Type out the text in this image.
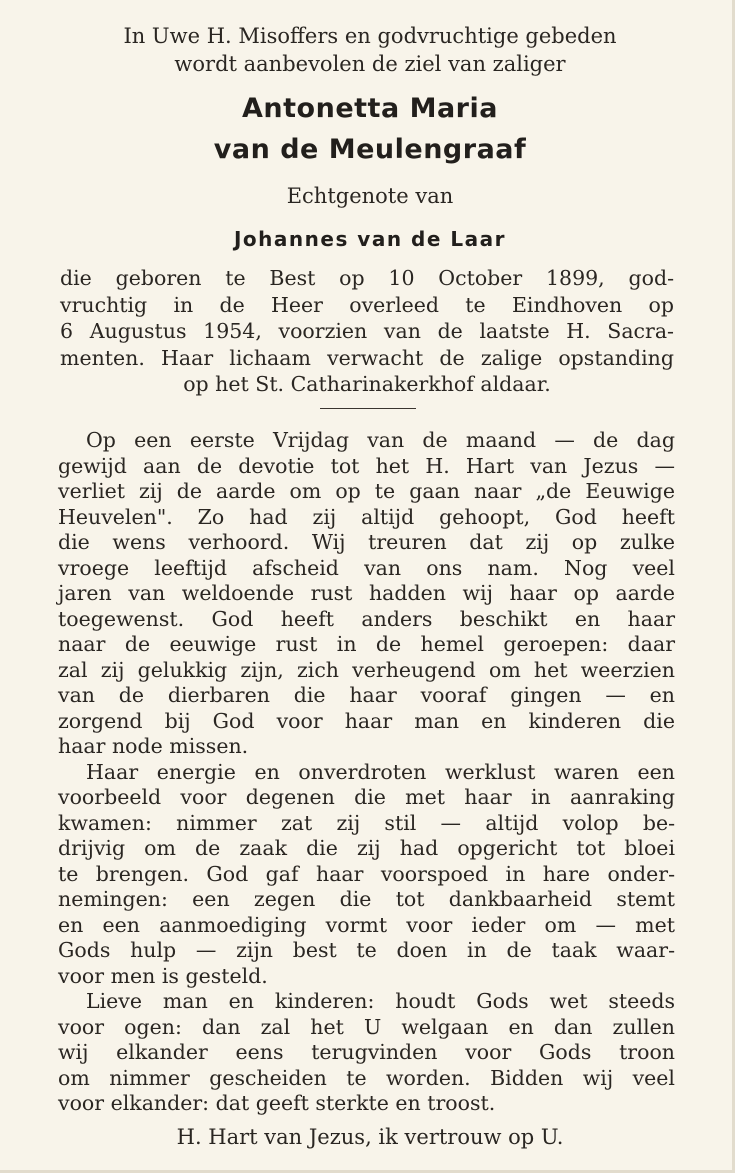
In Uwe H. Misoffers en godvruchtige gebeden
wordt aanbevolen de ziel van zaliger
Antonetta Maria
van de Meulengraaf
Echtgenote van
Johannes van de Laar
die geboren te Best op 10 October 1899, god-
vruchtig in de Heer overleed te Eindhoven op
6 Augustus 1954, voorzien van de laatste H. Sacra-
menten. Haar lichaam verwacht de zalige opstanding
op het St. Catharinakerkhof aldaar.
Op een eerste Vrijdag van de maand — de dag
gewijd aan de devotie tot het H. Hart van Jezus —
verliet zij de aarde om op te gaan naar „de Eeuwige
Heuvelen". Zo had zij altijd gehoopt, God heeft
die wens verhoord. Wij treuren dat zij op zulke
vroege leeftijd afscheid van ons nam. Nog veel
jaren van weldoende rust hadden wij haar op aarde
toegewenst. God heeft anders beschikt en haar
naar de eeuwige rust in de hemel geroepen: daar
zal zij gelukkig zijn, zich verheugend om het weerzien
van de dierbaren die haar vooraf gingen — en
zorgend bij God voor haar man en kinderen die
haar node missen.
Haar energie en onverdroten werklust waren een
voorbeeld voor degenen die met haar in aanraking
kwamen: nimmer zat zij stil — altijd volop be-
drijvig om de zaak die zij had opgericht tot bloei
te brengen. God gaf haar voorspoed in hare onder-
nemingen: een zegen die tot dankbaarheid stemt
en een aanmoediging vormt voor ieder om — met
Gods hulp — zijn best te doen in de taak waar-
voor men is gesteld.
Lieve man en kinderen: houdt Gods wet steeds
voor ogen: dan zal het U welgaan en dan zullen
wij elkander eens terugvinden voor Gods troon
om nimmer gescheiden te worden. Bidden wij veel
voor elkander: dat geeft sterkte en troost.
H. Hart van Jezus, ik vertrouw op U.
